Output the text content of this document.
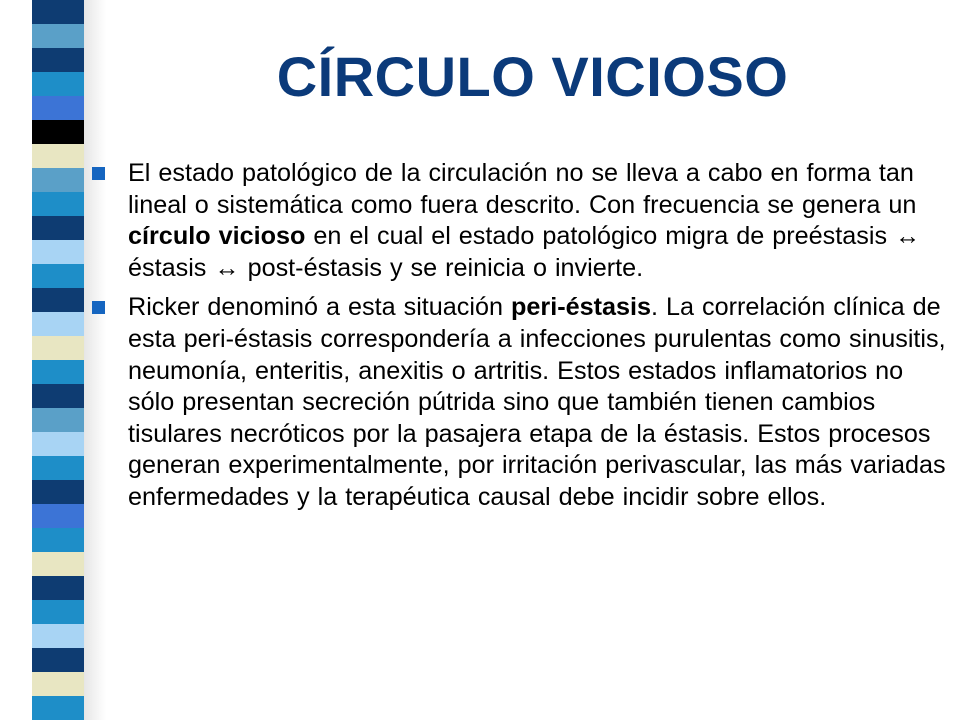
CÍRCULO VICIOSO
El estado patológico de la circulación no se lleva a cabo en forma tan lineal o sistemática como fuera descrito. Con frecuencia se genera un círculo vicioso en el cual el estado patológico migra de preéstasis ↔ éstasis ↔ post-éstasis y se reinicia o invierte.
Ricker denominó a esta situación peri-éstasis. La correlación clínica de esta peri-éstasis correspondería a infecciones purulentas como sinusitis, neumonía, enteritis, anexitis o artritis. Estos estados inflamatorios no sólo presentan secreción pútrida sino que también tienen cambios tisulares necróticos por la pasajera etapa de la éstasis. Estos procesos generan experimentalmente, por irritación perivascular, las más variadas enfermedades y la terapéutica causal debe incidir sobre ellos.
